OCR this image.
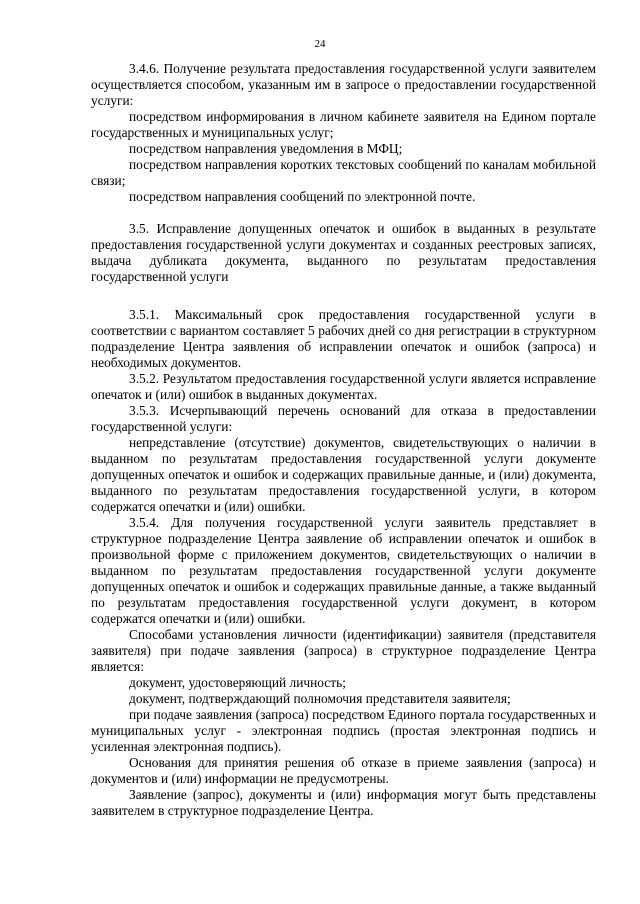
24

3.4.6. Получение результата предоставления государственной услуги заявителем осуществляется способом, указанным им в запросе о предоставлении государственной услуги:

посредством информирования в личном кабинете заявителя на Едином портале государственных и муниципальных услуг;

посредством направления уведомления в МФЦ;

посредством направления коротких текстовых сообщений по каналам мобильной связи;

посредством направления сообщений по электронной почте.

3.5. Исправление допущенных опечаток и ошибок в выданных в результате предоставления государственной услуги документах и созданных реестровых записях, выдача дубликата документа, выданного по результатам предоставления государственной услуги

3.5.1. Максимальный срок предоставления государственной услуги в соответствии с вариантом составляет 5 рабочих дней со дня регистрации в структурном подразделение Центра заявления об исправлении опечаток и ошибок (запроса) и необходимых документов.

3.5.2. Результатом предоставления государственной услуги является исправление опечаток и (или) ошибок в выданных документах.

3.5.3. Исчерпывающий перечень оснований для отказа в предоставлении государственной услуги:

непредставление (отсутствие) документов, свидетельствующих о наличии в выданном по результатам предоставления государственной услуги документе допущенных опечаток и ошибок и содержащих правильные данные, и (или) документа, выданного по результатам предоставления государственной услуги, в котором содержатся опечатки и (или) ошибки.

3.5.4. Для получения государственной услуги заявитель представляет в структурное подразделение Центра заявление об исправлении опечаток и ошибок в произвольной форме с приложением документов, свидетельствующих о наличии в выданном по результатам предоставления государственной услуги документе допущенных опечаток и ошибок и содержащих правильные данные, а также выданный по результатам предоставления государственной услуги документ, в котором содержатся опечатки и (или) ошибки.

Способами установления личности (идентификации) заявителя (представителя заявителя) при подаче заявления (запроса) в структурное подразделение Центра является:

документ, удостоверяющий личность;

документ, подтверждающий полномочия представителя заявителя;

при подаче заявления (запроса) посредством Единого портала государственных и муниципальных услуг - электронная подпись (простая электронная подпись и усиленная электронная подпись).

Основания для принятия решения об отказе в приеме заявления (запроса) и документов и (или) информации не предусмотрены.

Заявление (запрос), документы и (или) информация могут быть представлены заявителем в структурное подразделение Центра.
